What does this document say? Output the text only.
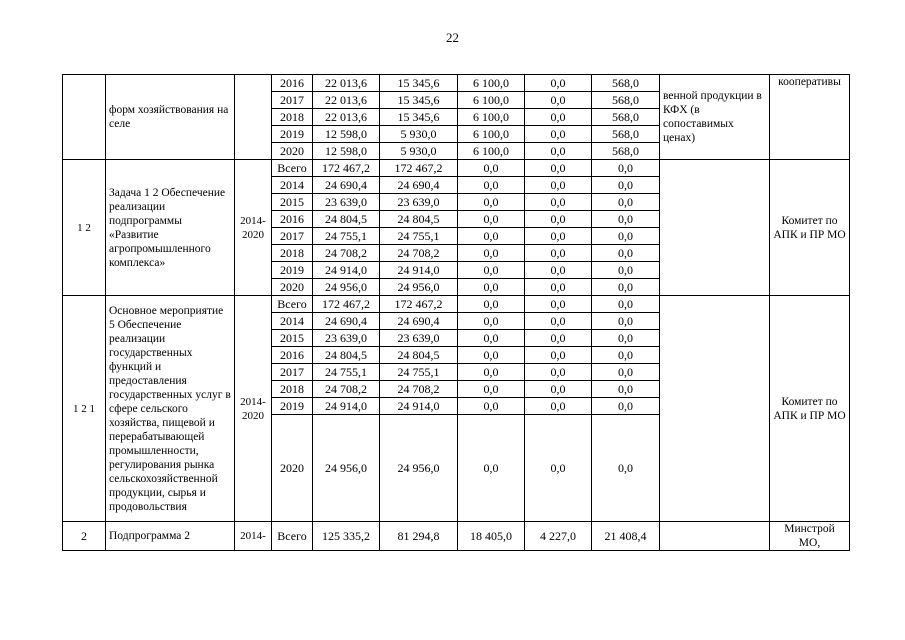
22
	форм хозяйствования на селе		2016	22 013,6	15 345,6	6 100,0	0,0	568,0	венной продукции в КФХ (в сопоставимых ценах)	кооперативы
			2017	22 013,6	15 345,6	6 100,0	0,0	568,0		
			2018	22 013,6	15 345,6	6 100,0	0,0	568,0		
			2019	12 598,0	5 930,0	6 100,0	0,0	568,0		
			2020	12 598,0	5 930,0	6 100,0	0,0	568,0		
1 2	Задача 1 2 Обеспечение реализации подпрограммы «Развитие агропромышленного комплекса»	2014-2020	Всего	172 467,2	172 467,2	0,0	0,0	0,0		Комитет по АПК и ПР МО
			2014	24 690,4	24 690,4	0,0	0,0	0,0		
			2015	23 639,0	23 639,0	0,0	0,0	0,0		
			2016	24 804,5	24 804,5	0,0	0,0	0,0		
			2017	24 755,1	24 755,1	0,0	0,0	0,0		
			2018	24 708,2	24 708,2	0,0	0,0	0,0		
			2019	24 914,0	24 914,0	0,0	0,0	0,0		
			2020	24 956,0	24 956,0	0,0	0,0	0,0		
1 2 1	Основное мероприятие 5 Обеспечение реализации государственных функций и предоставления государственных услуг в сфере сельского хозяйства, пищевой и перерабатывающей промышленности, регулирования рынка сельскохозяйственной продукции, сырья и продовольствия	2014-2020	Всего	172 467,2	172 467,2	0,0	0,0	0,0		Комитет по АПК и ПР МО
			2014	24 690,4	24 690,4	0,0	0,0	0,0		
			2015	23 639,0	23 639,0	0,0	0,0	0,0		
			2016	24 804,5	24 804,5	0,0	0,0	0,0		
			2017	24 755,1	24 755,1	0,0	0,0	0,0		
			2018	24 708,2	24 708,2	0,0	0,0	0,0		
			2019	24 914,0	24 914,0	0,0	0,0	0,0		
			2020	24 956,0	24 956,0	0,0	0,0	0,0		
2	Подпрограмма 2	2014-	Всего	125 335,2	81 294,8	18 405,0	4 227,0	21 408,4		Минстрой МО,
